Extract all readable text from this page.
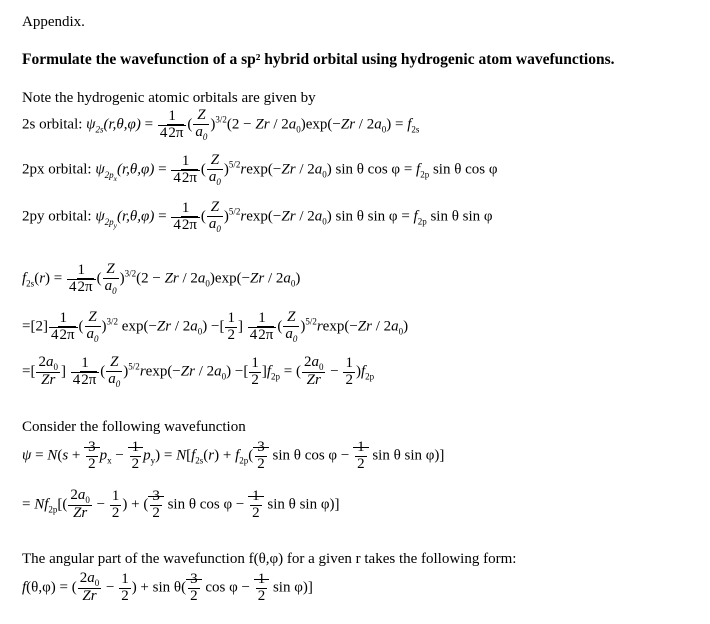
Appendix.
Formulate the wavefunction of a sp² hybrid orbital using hydrogenic atom wavefunctions.
Note the hydrogenic atomic orbitals are given by
2s orbital: $\psi_{2s}(r,\theta,\varphi) = \frac{1}{42\pi}$ ( $\frac{Z}{a_0} )^{3/2}(2 - Zr / 2a_0)\exp(-Zr / 2a_0) = f_{2s}$
2px orbital: $\psi_{2p_x}(r,\theta,\varphi) = \frac{1}{42\pi}$ ( $\frac{Z}{a_0} )^{5/2}rexp(-Zr / 2a_0)$ sin θ $\cos \varphi = f_{2p}$ sin θ cos φ
2py orbital: $\psi_{2p_y}(r,\theta,\varphi) = \frac{1}{42\pi}$ ( $\frac{Z}{a_0} )^{5/2}rexp(-Zr / 2a_0)$ sin θ $\sin \varphi = f_{2p}$ sin θ sin φ
$f_{2s}(r) = \frac{1}{42\pi}$ ( $\frac{Z}{a_0} )^{3/2}(2 - Zr / 2a_0)\exp(-Zr / 2a_0)$
$=[2] \frac{1}{42\pi}$ ( $\frac{Z}{a_0} )^{3/2}$ $\exp(-Zr / 2a_0)$ −[ $\frac{1}{2}$ ] $\frac{1}{42\pi}$ ( $\frac{Z}{a_0} )^{5/2}rexp(-Zr / 2a_0)$
=[ $\frac{2a_0}{Zr}$ ] $\frac{1}{42\pi}$ ( $\frac{Z}{a_0} )^{5/2}rexp(-Zr / 2a_0)$ −[ $\frac{1}{2} ]f_{2p}$ = ( $\frac{2a_0}{Zr} - \frac{1}{2} )f_{2p}$
Consider the following wavefunction
$\psi = N(s + \frac{3}{2} p_x - \frac{1}{2} p_y) = N[f_{2s}(r) + f_{2p}( \frac{3}{2}$ sin θ $\cos \varphi - \frac{1}{2}$ sin θ sin φ)]
= $Nf_{2p}[( \frac{2a_0}{Zr} - \frac{1}{2}$ ) + ( $\frac{3}{2}$ sin θ $\cos \varphi - \frac{1}{2}$ sin θ sin φ)]
The angular part of the wavefunction f(θ,φ) for a given r takes the following form:
f(θ,φ) = ( $\frac{2a_0}{Zr} - \frac{1}{2}$ ) + $\sin \theta( \frac{3}{2}$ $\cos \varphi - \frac{1}{2}$ sin φ)]
